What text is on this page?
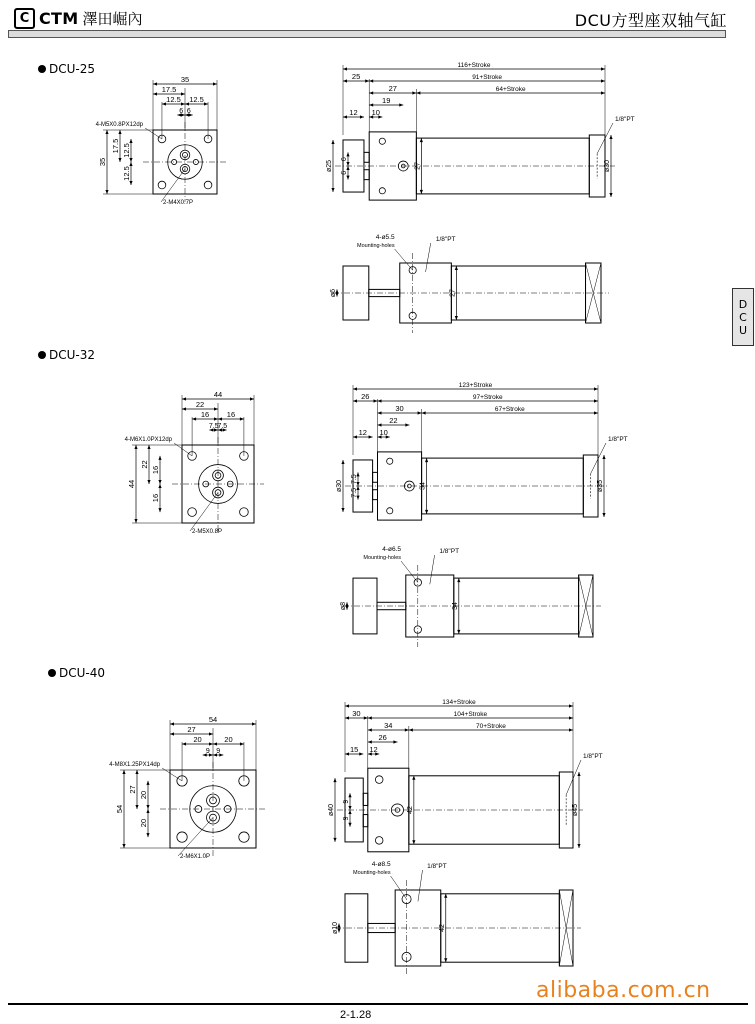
C CTM 澤田崛內	DCU方型座双轴气缸
D
C
U
DCU-25
DCU-32
DCU-40
35
17.5
12.5 12.5
6 6
35
17.5 12.5
12.5
4-M5X0.8PX12dp
2-M4X0.7P
116+Stroke
25	91+Stroke
27	64+Stroke
12
19
10
1/8"PT
ø25
6
6
27	ø30
4-ø5.5
Mounting-holes
1/8"PT
ø6	27
44
22
16 16
7.5
7.5
44
22
16
16
4-M6X1.0PX12dp
2-M5X0.8P
123+Stroke
26	97+Stroke
30	67+Stroke
12
22
10
1/8"PT
ø30
7.5
7.5
34	ø35
4-ø6.5
Mounting-holes
1/8"PT
ø8	34
54
27
20	20
9 9
54
27
20
20
4-M8X1.25PX14dp
2-M6X1.0P
134+Stroke
30	104+Stroke
34	70+Stroke
15
26
12
1/8"PT
ø40
9
9
42	ø45
4-ø8.5
Mounting-holes
1/8"PT
ø10	42
2-1.28
alibaba.com.cn
